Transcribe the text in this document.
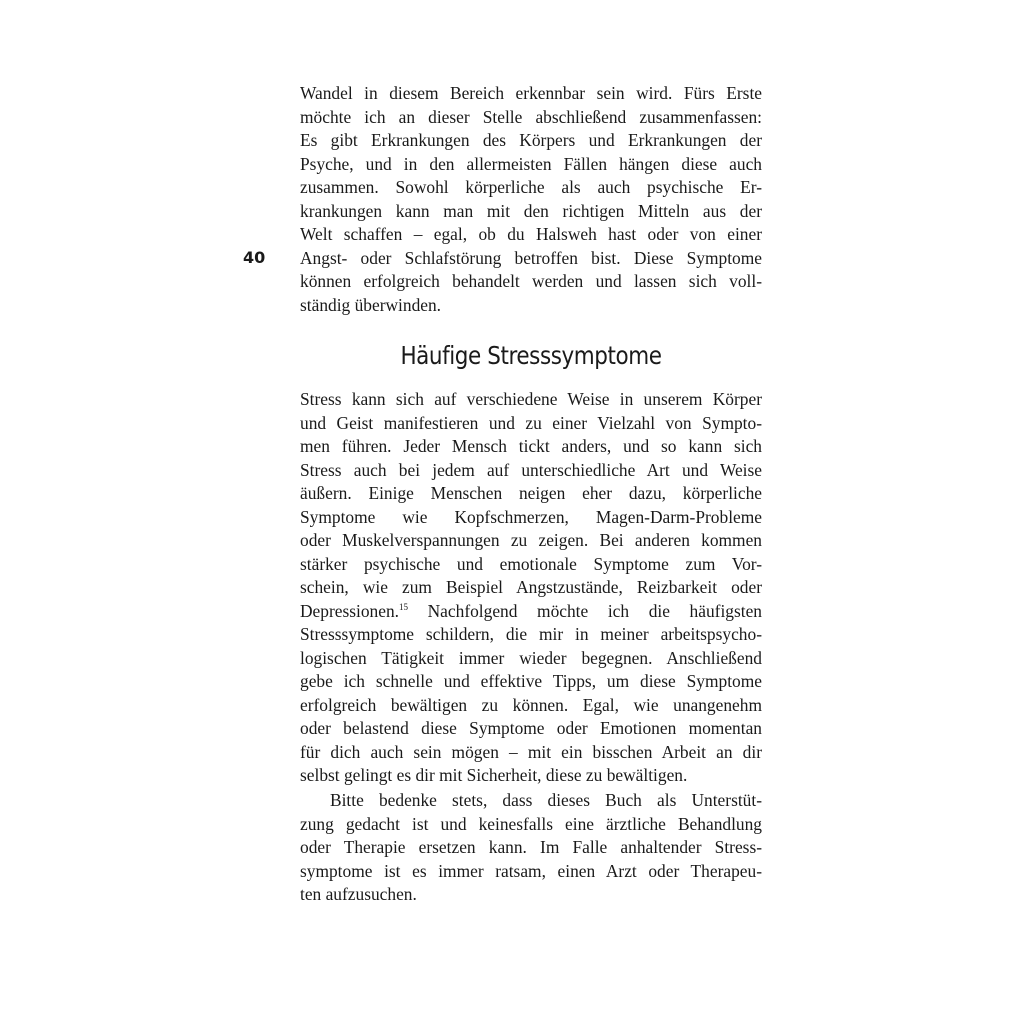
40

Wandel in diesem Bereich erkennbar sein wird. Fürs Erste
möchte ich an dieser Stelle abschließend zusammenfassen:
Es gibt Erkrankungen des Körpers und Erkrankungen der
Psyche, und in den allermeisten Fällen hängen diese auch
zusammen. Sowohl körperliche als auch psychische Er-
krankungen kann man mit den richtigen Mitteln aus der
Welt schaffen – egal, ob du Halsweh hast oder von einer
Angst- oder Schlafstörung betroffen bist. Diese Symptome
können erfolgreich behandelt werden und lassen sich voll-
ständig überwinden.

Häufige Stresssymptome

Stress kann sich auf verschiedene Weise in unserem Körper
und Geist manifestieren und zu einer Vielzahl von Sympto-
men führen. Jeder Mensch tickt anders, und so kann sich
Stress auch bei jedem auf unterschiedliche Art und Weise
äußern. Einige Menschen neigen eher dazu, körperliche
Symptome wie Kopfschmerzen, Magen-Darm-Probleme
oder Muskelverspannungen zu zeigen. Bei anderen kommen
stärker psychische und emotionale Symptome zum Vor-
schein, wie zum Beispiel Angstzustände, Reizbarkeit oder
Depressionen.$^{15}$ Nachfolgend möchte ich die häufigsten
Stresssymptome schildern, die mir in meiner arbeitspsycho-
logischen Tätigkeit immer wieder begegnen. Anschließend
gebe ich schnelle und effektive Tipps, um diese Symptome
erfolgreich bewältigen zu können. Egal, wie unangenehm
oder belastend diese Symptome oder Emotionen momentan
für dich auch sein mögen – mit ein bisschen Arbeit an dir
selbst gelingt es dir mit Sicherheit, diese zu bewältigen.

Bitte bedenke stets, dass dieses Buch als Unterstüt-
zung gedacht ist und keinesfalls eine ärztliche Behandlung
oder Therapie ersetzen kann. Im Falle anhaltender Stress-
symptome ist es immer ratsam, einen Arzt oder Therapeu-
ten aufzusuchen.
